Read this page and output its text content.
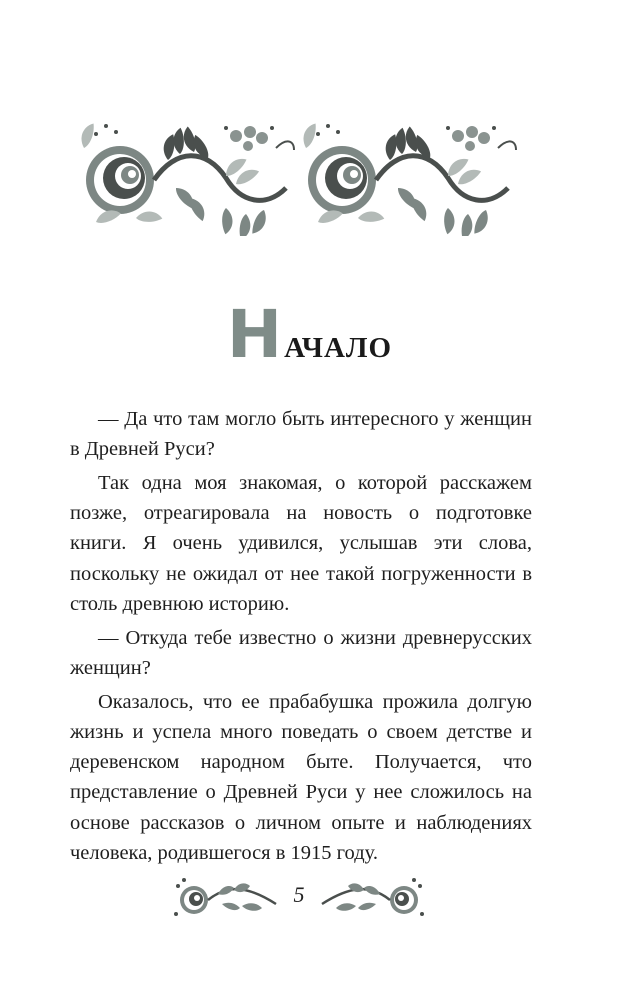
НАЧАЛО

— Да что там могло быть интересного у женщин в Древней Руси?

Так одна моя знакомая, о которой расскажем позже, отреагировала на новость о подготовке книги. Я очень удивился, услышав эти слова, поскольку не ожидал от нее такой погруженности в столь древнюю историю.

— Откуда тебе известно о жизни древнерусских женщин?

Оказалось, что ее прабабушка прожила долгую жизнь и успела много поведать о своем детстве и деревенском народном быте. Получается, что представление о Древней Руси у нее сложилось на основе рассказов о личном опыте и наблюдениях человека, родившегося в 1915 году.

5
